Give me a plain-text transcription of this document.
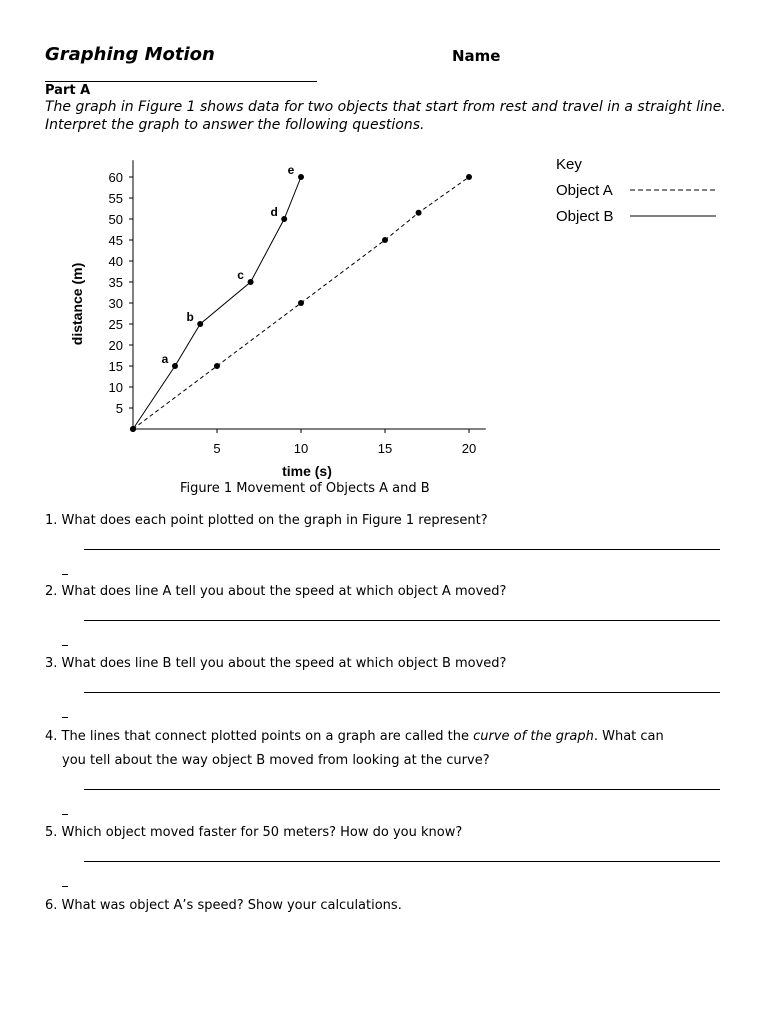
Graphing Motion	Name
Part A
The graph in Figure 1 shows data for two objects that start from rest and travel in a straight line. Interpret the graph to answer the following questions.
5
10
15
20
25
30
35
40
45
50
55
60
5	10	15	20
a
b
c
d
e
distance (m)
time (s)
Key
Object A
Object B
Figure 1 Movement of Objects A and B
1. What does each point plotted on the graph in Figure 1 represent?
2. What does line A tell you about the speed at which object A moved?
3. What does line B tell you about the speed at which object B moved?
4. The lines that connect plotted points on a graph are called the curve of the graph. What can
you tell about the way object B moved from looking at the curve?
5. Which object moved faster for 50 meters? How do you know?
6. What was object A’s speed? Show your calculations.
